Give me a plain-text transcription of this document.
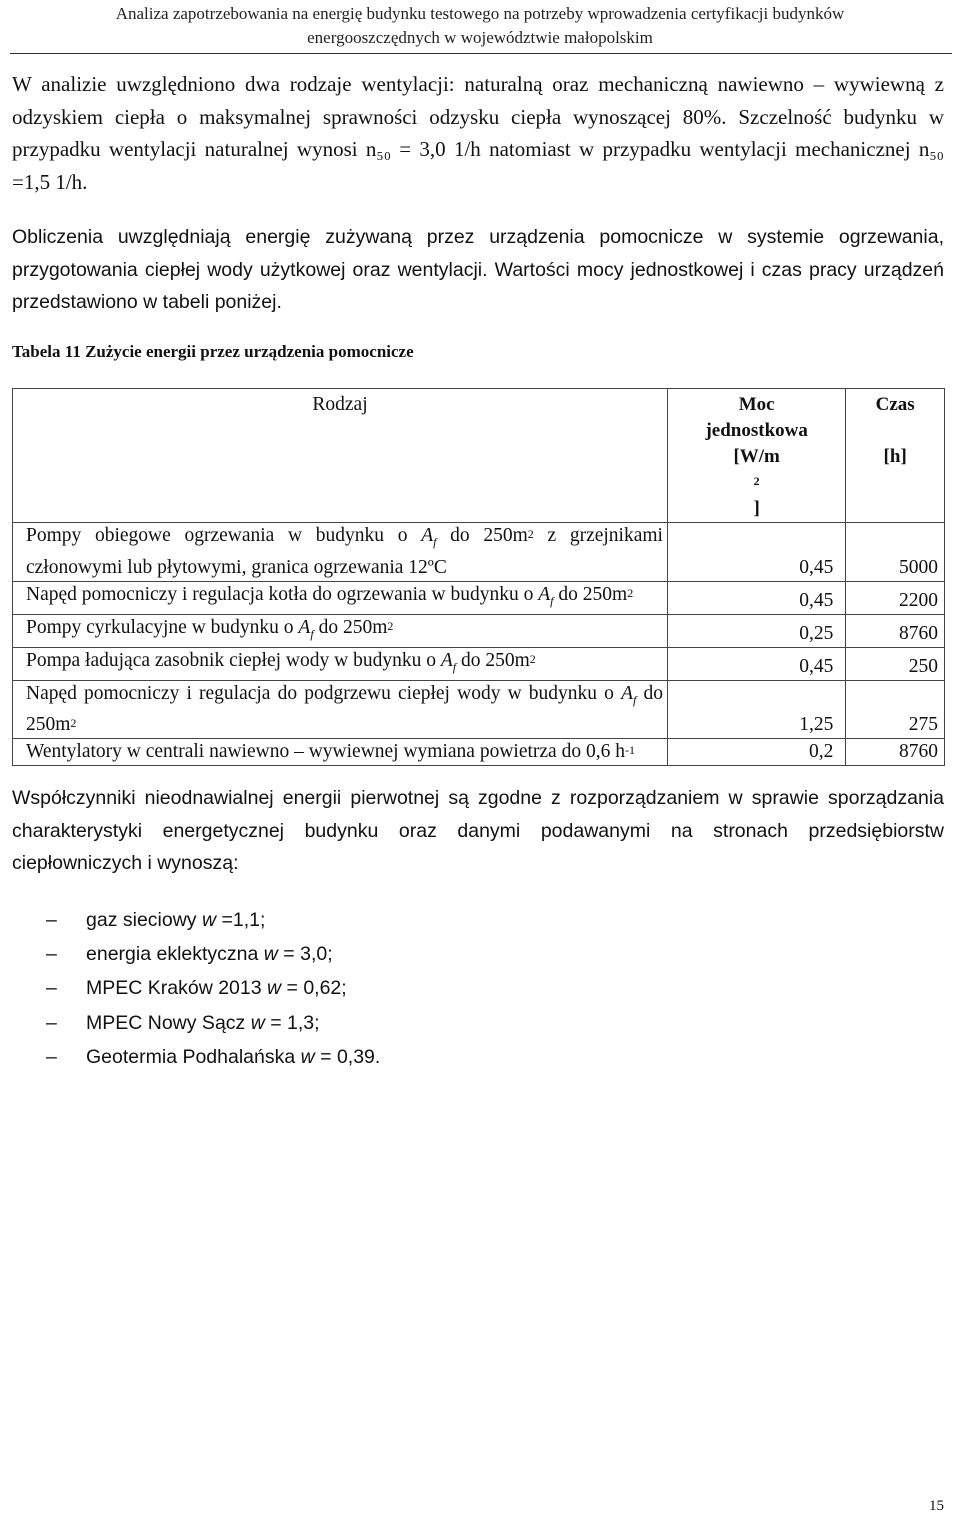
Analiza zapotrzebowania na energię budynku testowego na potrzeby wprowadzenia certyfikacji budynków
energooszczędnych w województwie małopolskim

W analizie uwzględniono dwa rodzaje wentylacji: naturalną oraz mechaniczną nawiewno – wywiewną z odzyskiem ciepła o maksymalnej sprawności odzysku ciepła wynoszącej 80%. Szczelność budynku w przypadku wentylacji naturalnej wynosi n₅₀ = 3,0 1/h natomiast w przypadku wentylacji mechanicznej n₅₀ =1,5 1/h.

Obliczenia uwzględniają energię zużywaną przez urządzenia pomocnicze w systemie ogrzewania, przygotowania ciepłej wody użytkowej oraz wentylacji. Wartości mocy jednostkowej i czas pracy urządzeń przedstawiono w tabeli poniżej.

Tabela 11 Zużycie energii przez urządzenia pomocnicze

Rodzaj	Moc
jednostkowa
[W/m
$^2$
]	Czas
[h]

Pompy obiegowe ogrzewania w budynku o $A_f$ do $250m^2$ z grzejnikami członowymi lub płytowymi, granica ogrzewania 12ºC	0,45	5000

Napęd pomocniczy i regulacja kotła do ogrzewania w budynku o $A_f$ do $250m^2$	0,45	2200

Pompy cyrkulacyjne w budynku o $A_f$ do $250m^2$	0,25	8760

Pompa ładująca zasobnik ciepłej wody w budynku o $A_f$ do $250m^2$	0,45	250

Napęd pomocniczy i regulacja do podgrzewu ciepłej wody w budynku o $A_f$ do $250m^2$	1,25	275

Wentylatory w centrali nawiewno – wywiewnej wymiana powietrza do 0,6 $h^{-1}$	0,2	8760

Współczynniki nieodnawialnej energii pierwotnej są zgodne z rozporządzaniem w sprawie sporządzania charakterystyki energetycznej budynku oraz danymi podawanymi na stronach przedsiębiorstw ciepłowniczych i wynoszą:

– gaz sieciowy w =1,1;
– energia eklektyczna w = 3,0;
– MPEC Kraków 2013 w = 0,62;
– MPEC Nowy Sącz w = 1,3;
– Geotermia Podhalańska w = 0,39.
15
